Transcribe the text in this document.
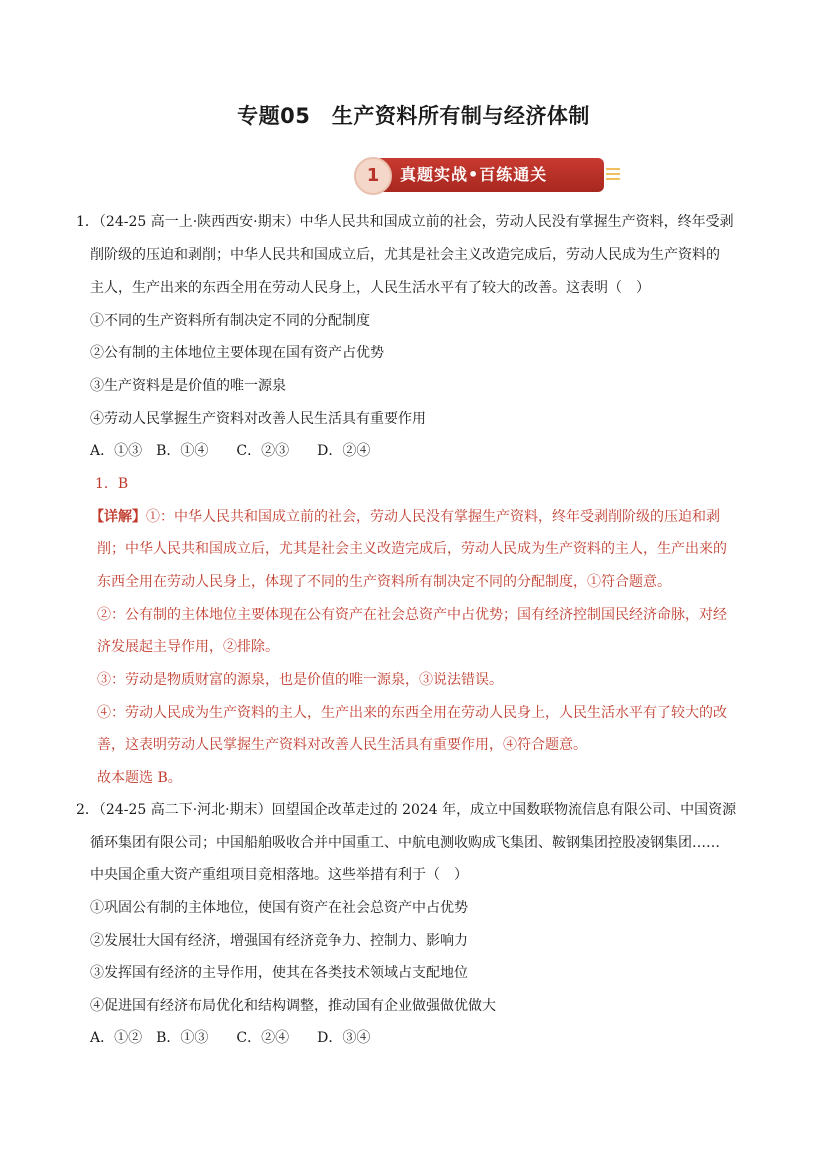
专题05　生产资料所有制与经济体制
1	真题实战•百练通关
1．（24-25 高一上·陕西西安·期末）中华人民共和国成立前的社会，劳动人民没有掌握生产资料，终年受剥
削阶级的压迫和剥削；中华人民共和国成立后，尤其是社会主义改造完成后，劳动人民成为生产资料的
主人，生产出来的东西全用在劳动人民身上，人民生活水平有了较大的改善。这表明（　）
①不同的生产资料所有制决定不同的分配制度
②公有制的主体地位主要体现在国有资产占优势
③生产资料是是价值的唯一源泉
④劳动人民掌握生产资料对改善人民生活具有重要作用
A．①③　B．①④　　C．②③　　D．②④
1．B
【详解】①：中华人民共和国成立前的社会，劳动人民没有掌握生产资料，终年受剥削阶级的压迫和剥
削；中华人民共和国成立后，尤其是社会主义改造完成后，劳动人民成为生产资料的主人，生产出来的
东西全用在劳动人民身上，体现了不同的生产资料所有制决定不同的分配制度，①符合题意。
②：公有制的主体地位主要体现在公有资产在社会总资产中占优势；国有经济控制国民经济命脉，对经
济发展起主导作用，②排除。
③：劳动是物质财富的源泉，也是价值的唯一源泉，③说法错误。
④：劳动人民成为生产资料的主人，生产出来的东西全用在劳动人民身上，人民生活水平有了较大的改
善，这表明劳动人民掌握生产资料对改善人民生活具有重要作用，④符合题意。
故本题选 B。
2．（24-25 高二下·河北·期末）回望国企改革走过的 2024 年，成立中国数联物流信息有限公司、中国资源
循环集团有限公司；中国船舶吸收合并中国重工、中航电测收购成飞集团、鞍钢集团控股凌钢集团……
中央国企重大资产重组项目竞相落地。这些举措有利于（　）
①巩固公有制的主体地位，使国有资产在社会总资产中占优势
②发展壮大国有经济，增强国有经济竞争力、控制力、影响力
③发挥国有经济的主导作用，使其在各类技术领域占支配地位
④促进国有经济布局优化和结构调整，推动国有企业做强做优做大
A．①②　B．①③　　C．②④　　D．③④
